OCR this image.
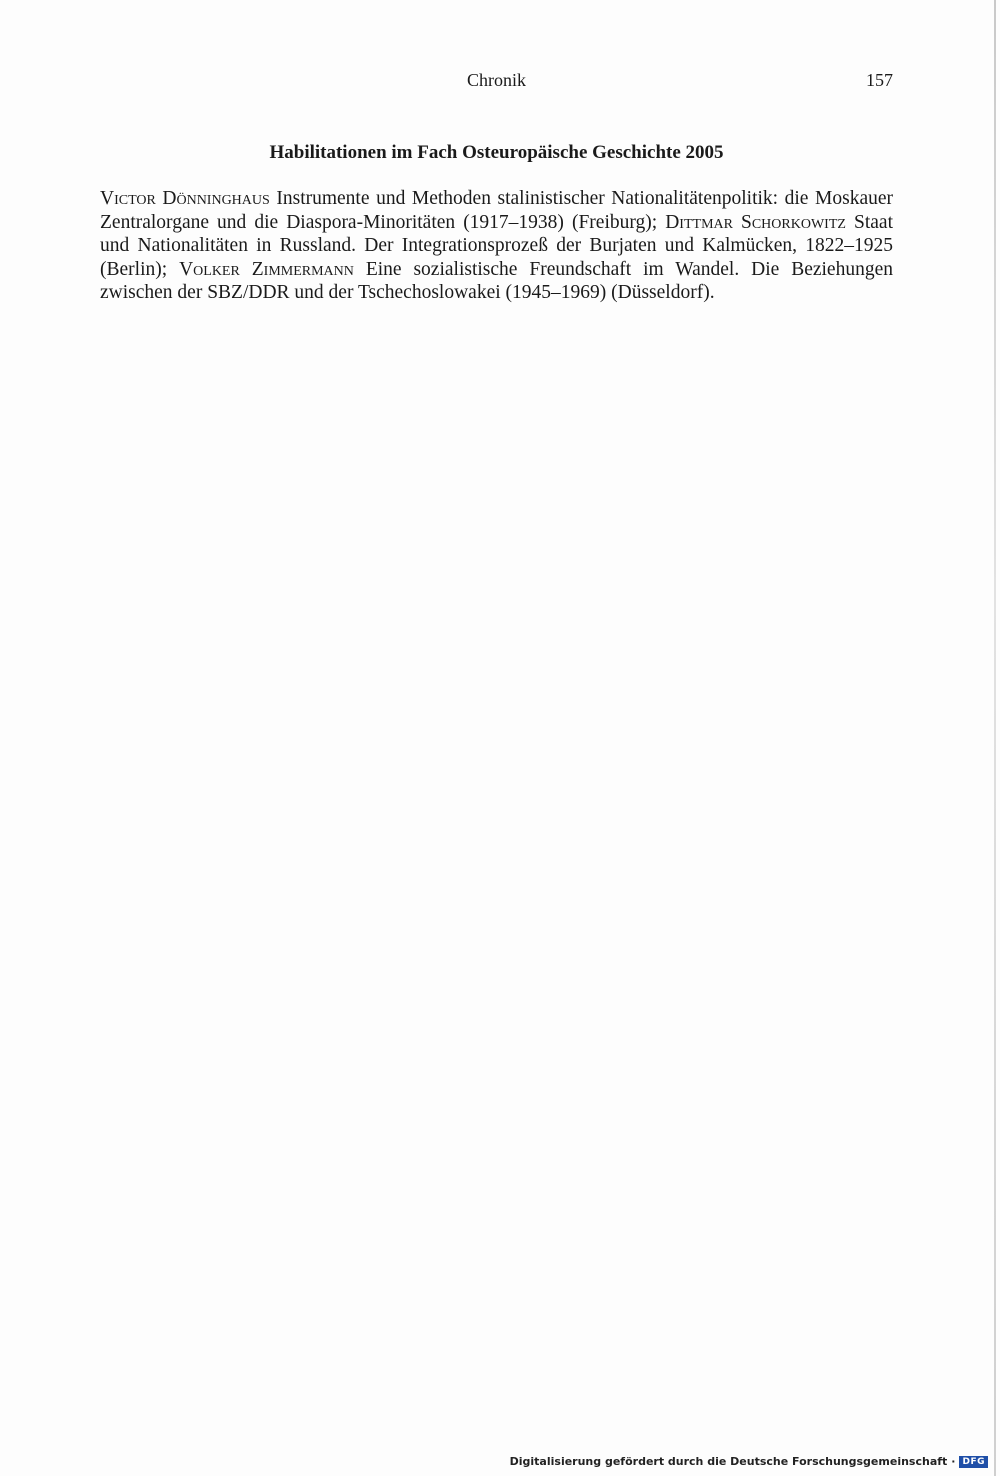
Chronik	157
Habilitationen im Fach Osteuropäische Geschichte 2005

Victor Dönninghaus Instrumente und Methoden stalinistischer Nationalitätenpolitik: die Moskauer Zentralorgane und die Diaspora-Minoritäten (1917–1938) (Freiburg); Dittmar Schorkowitz Staat und Nationalitäten in Russland. Der Integrationsprozeß der Burjaten und Kalmücken, 1822–1925 (Berlin); Volker Zimmermann Eine sozialistische Freundschaft im Wandel. Die Beziehungen zwischen der SBZ/DDR und der Tschechoslowakei (1945–1969) (Düsseldorf).

Digitalisierung gefördert durch die Deutsche Forschungsgemeinschaft · DFG
